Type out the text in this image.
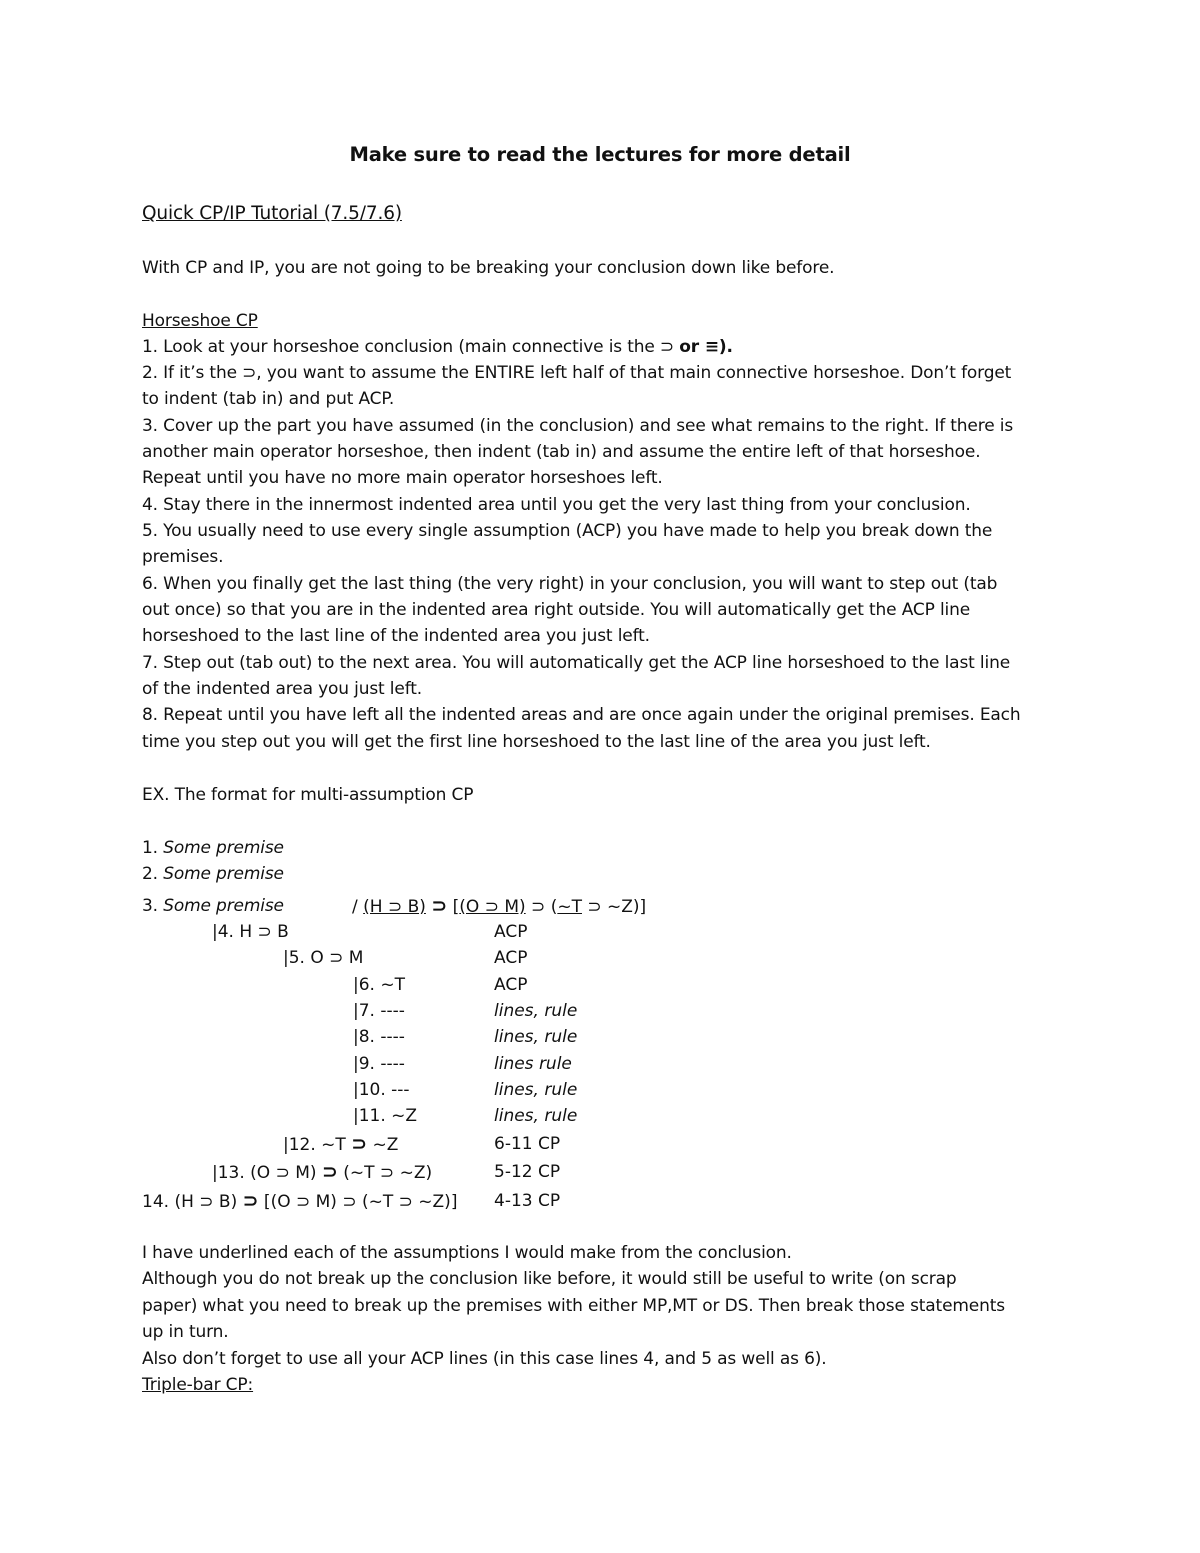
Make sure to read the lectures for more detail
Quick CP/IP Tutorial (7.5/7.6)
With CP and IP, you are not going to be breaking your conclusion down like before.
Horseshoe CP
1. Look at your horseshoe conclusion (main connective is the ⊃ or ≡).
2. If it’s the ⊃, you want to assume the ENTIRE left half of that main connective horseshoe. Don’t forget
to indent (tab in) and put ACP.
3. Cover up the part you have assumed (in the conclusion) and see what remains to the right. If there is
another main operator horseshoe, then indent (tab in) and assume the entire left of that horseshoe.
Repeat until you have no more main operator horseshoes left.
4. Stay there in the innermost indented area until you get the very last thing from your conclusion.
5. You usually need to use every single assumption (ACP) you have made to help you break down the
premises.
6. When you finally get the last thing (the very right) in your conclusion, you will want to step out (tab
out once) so that you are in the indented area right outside. You will automatically get the ACP line
horseshoed to the last line of the indented area you just left.
7. Step out (tab out) to the next area. You will automatically get the ACP line horseshoed to the last line
of the indented area you just left.
8. Repeat until you have left all the indented areas and are once again under the original premises. Each
time you step out you will get the first line horseshoed to the last line of the area you just left.
EX. The format for multi-assumption CP
1. Some premise
2. Some premise
3. Some premise	/ (H ⊃ B) ⊃ [(O ⊃ M) ⊃ (~T ⊃ ~Z)]
|4. H ⊃ B	ACP
|5. O ⊃ M	ACP
|6. ~T	ACP
|7. ----	lines, rule
|8. ----	lines, rule
|9. ----	lines rule
|10. ---	lines, rule
|11. ~Z	lines, rule
|12. ~T ⊃ ~Z	6-11 CP
|13. (O ⊃ M) ⊃ (~T ⊃ ~Z)	5-12 CP
14. (H ⊃ B) ⊃ [(O ⊃ M) ⊃ (~T ⊃ ~Z)] 4-13 CP
I have underlined each of the assumptions I would make from the conclusion.
Although you do not break up the conclusion like before, it would still be useful to write (on scrap
paper) what you need to break up the premises with either MP,MT or DS. Then break those statements
up in turn.
Also don’t forget to use all your ACP lines (in this case lines 4, and 5 as well as 6).
Triple-bar CP:
